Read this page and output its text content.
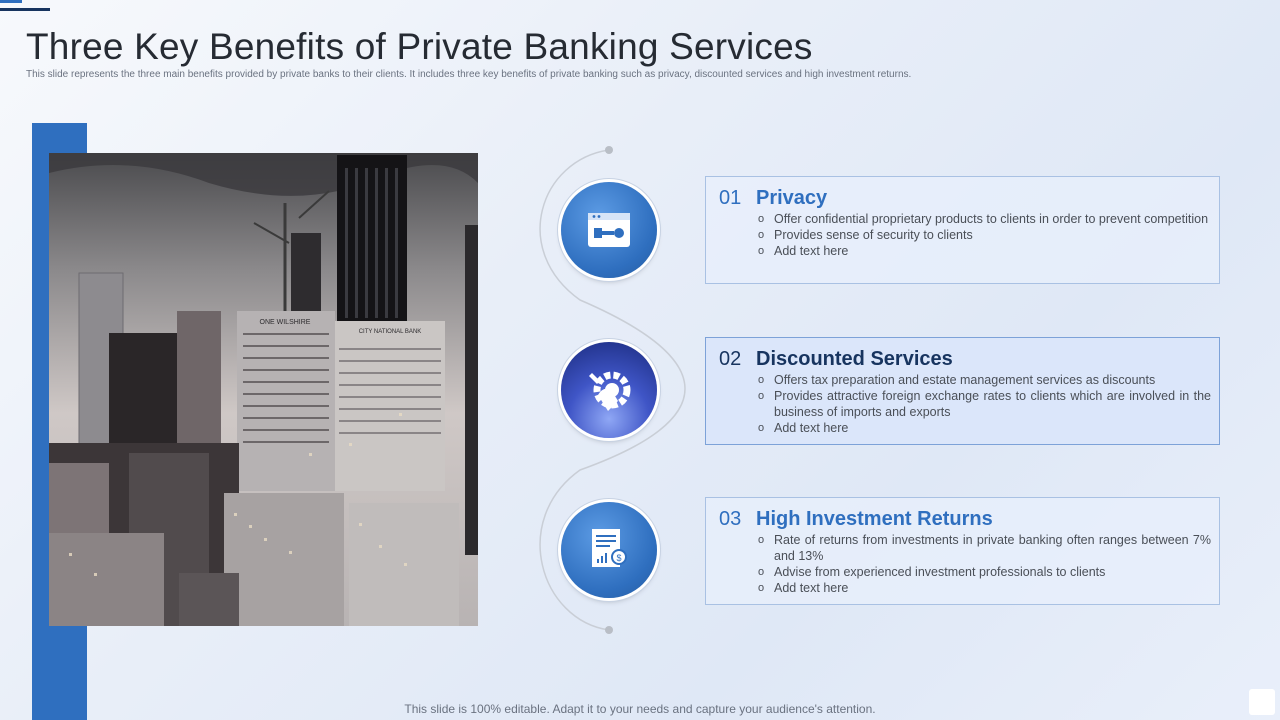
Three Key Benefits of Private Banking Services
This slide represents the three main benefits provided by private banks to their clients. It includes three key benefits of private banking such as privacy, discounted services and high investment returns.
ONE WILSHIRE
CITY NATIONAL BANK
$
01 Privacy
o Offer confidential proprietary products to clients in order to prevent competition
o Provides sense of security to clients
o Add text here
02 Discounted Services
o Offers tax preparation and estate management services as discounts
o Provides attractive foreign exchange rates to clients which are involved in the business of imports and exports
o Add text here
03 High Investment Returns
o Rate of returns from investments in private banking often ranges between 7% and 13%
o Advise from experienced investment professionals to clients
o Add text here
This slide is 100% editable. Adapt it to your needs and capture your audience's attention.
